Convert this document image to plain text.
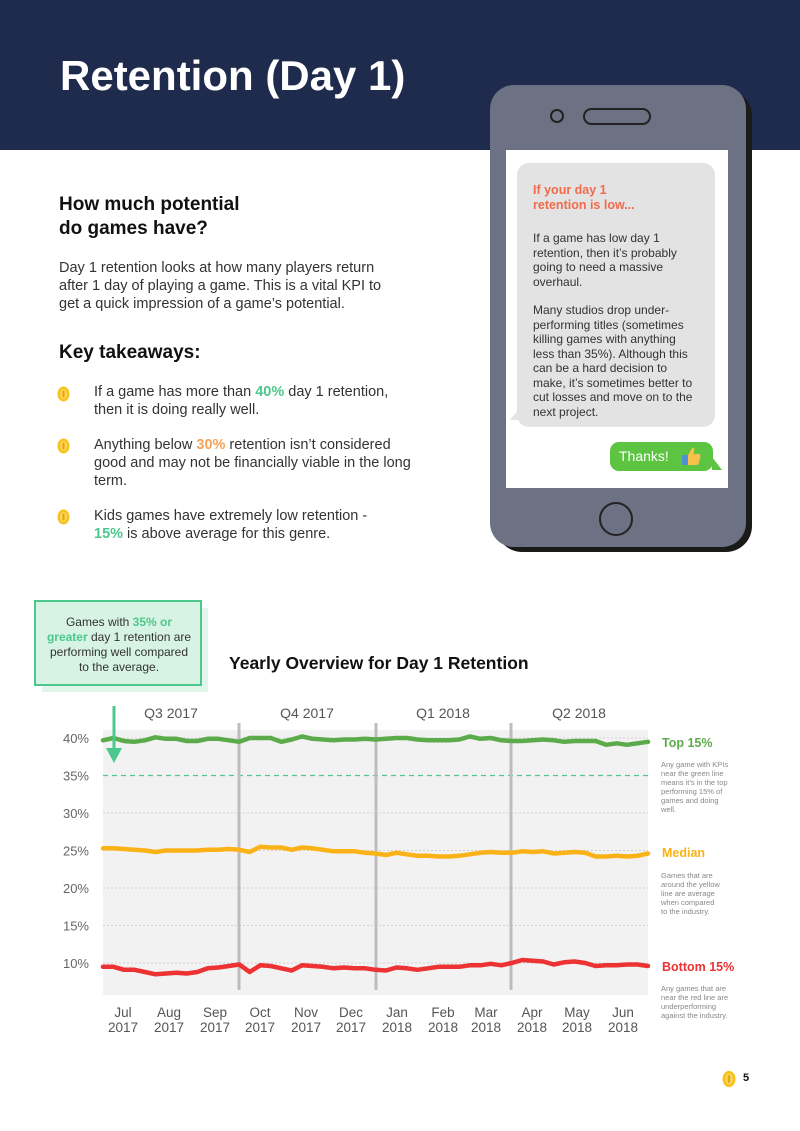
Retention (Day 1)
How much potential
do games have?

Day 1 retention looks at how many players return
after 1 day of playing a game. This is a vital KPI to
get a quick impression of a game’s potential.

Key takeaways:
If a game has more than 40% day 1 retention,
then it is doing really well.
Anything below 30% retention isn’t considered
good and may not be financially viable in the long
term.
Kids games have extremely low retention -
15% is above average for this genre.
If your day 1
retention is low...
If a game has low day 1
retention, then it’s probably
going to need a massive
overhaul.
Many studios drop under-
performing titles (sometimes
killing games with anything
less than 35%). Although this
can be a hard decision to
make, it’s sometimes better to
cut losses and move on to the
next project.
Thanks!
Games with 35% or
greater day 1 retention are
performing well compared
to the average.	Yearly Overview for Day 1 Retention
40%
35%
30%
25%
20%
15%
10%
Q3 2017	Q4 2017	Q1 2018	Q2 2018
Jul
2017
Aug
2017
Sep
2017
Oct
2017
Nov
2017
Dec
2017
Jan
2018
Feb
2018
Mar
2018
Apr
2018
May
2018
Jun
2018
Top 15%
Any game with KPIs
near the green line
means it’s in the top
performing 15% of
games and doing
well.
Median
Games that are
around the yellow
line are average
when compared
to the industry.
Bottom 15%
Any games that are
near the red line are
underperforming
against the industry.
5
